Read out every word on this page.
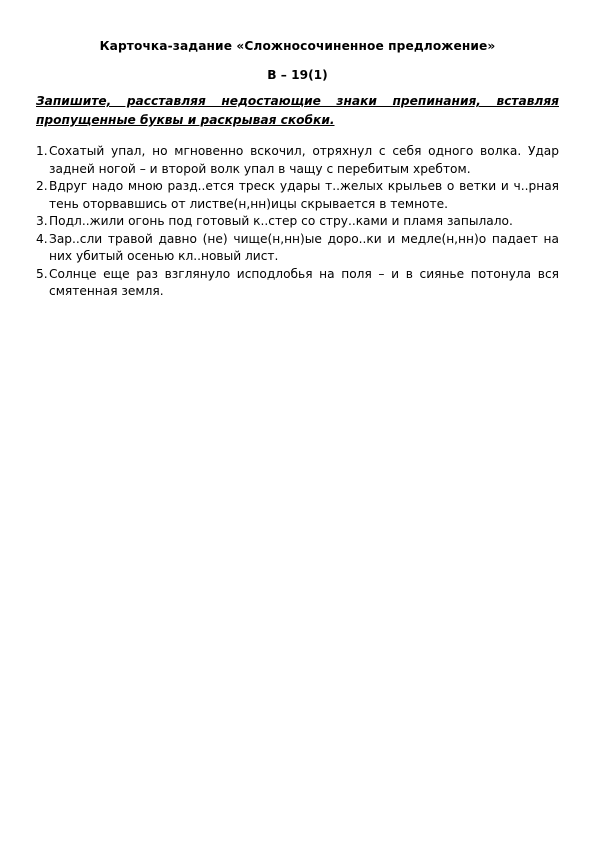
Карточка-задание «Сложносочиненное предложение»
В – 19(1)

Запишите, расставляя недостающие знаки препинания, вставляя пропущенные буквы и раскрывая скобки.

1. Сохатый упал, но мгновенно вскочил, отряхнул с себя одного волка. Удар задней ногой – и второй волк упал в чащу с перебитым хребтом.
2. Вдруг надо мною разд..ется треск удары т..желых крыльев о ветки и ч..рная тень оторвавшись от листве(н,нн)ицы скрывается в темноте.
3. Подл..жили огонь под готовый к..стер со стру..ками и пламя запылало.
4. Зар..сли травой давно (не) чище(н,нн)ые доро..ки и медле(н,нн)о падает на них убитый осенью кл..новый лист.
5. Солнце еще раз взглянуло исподлобья на поля – и в сиянье потонула вся смятенная земля.
